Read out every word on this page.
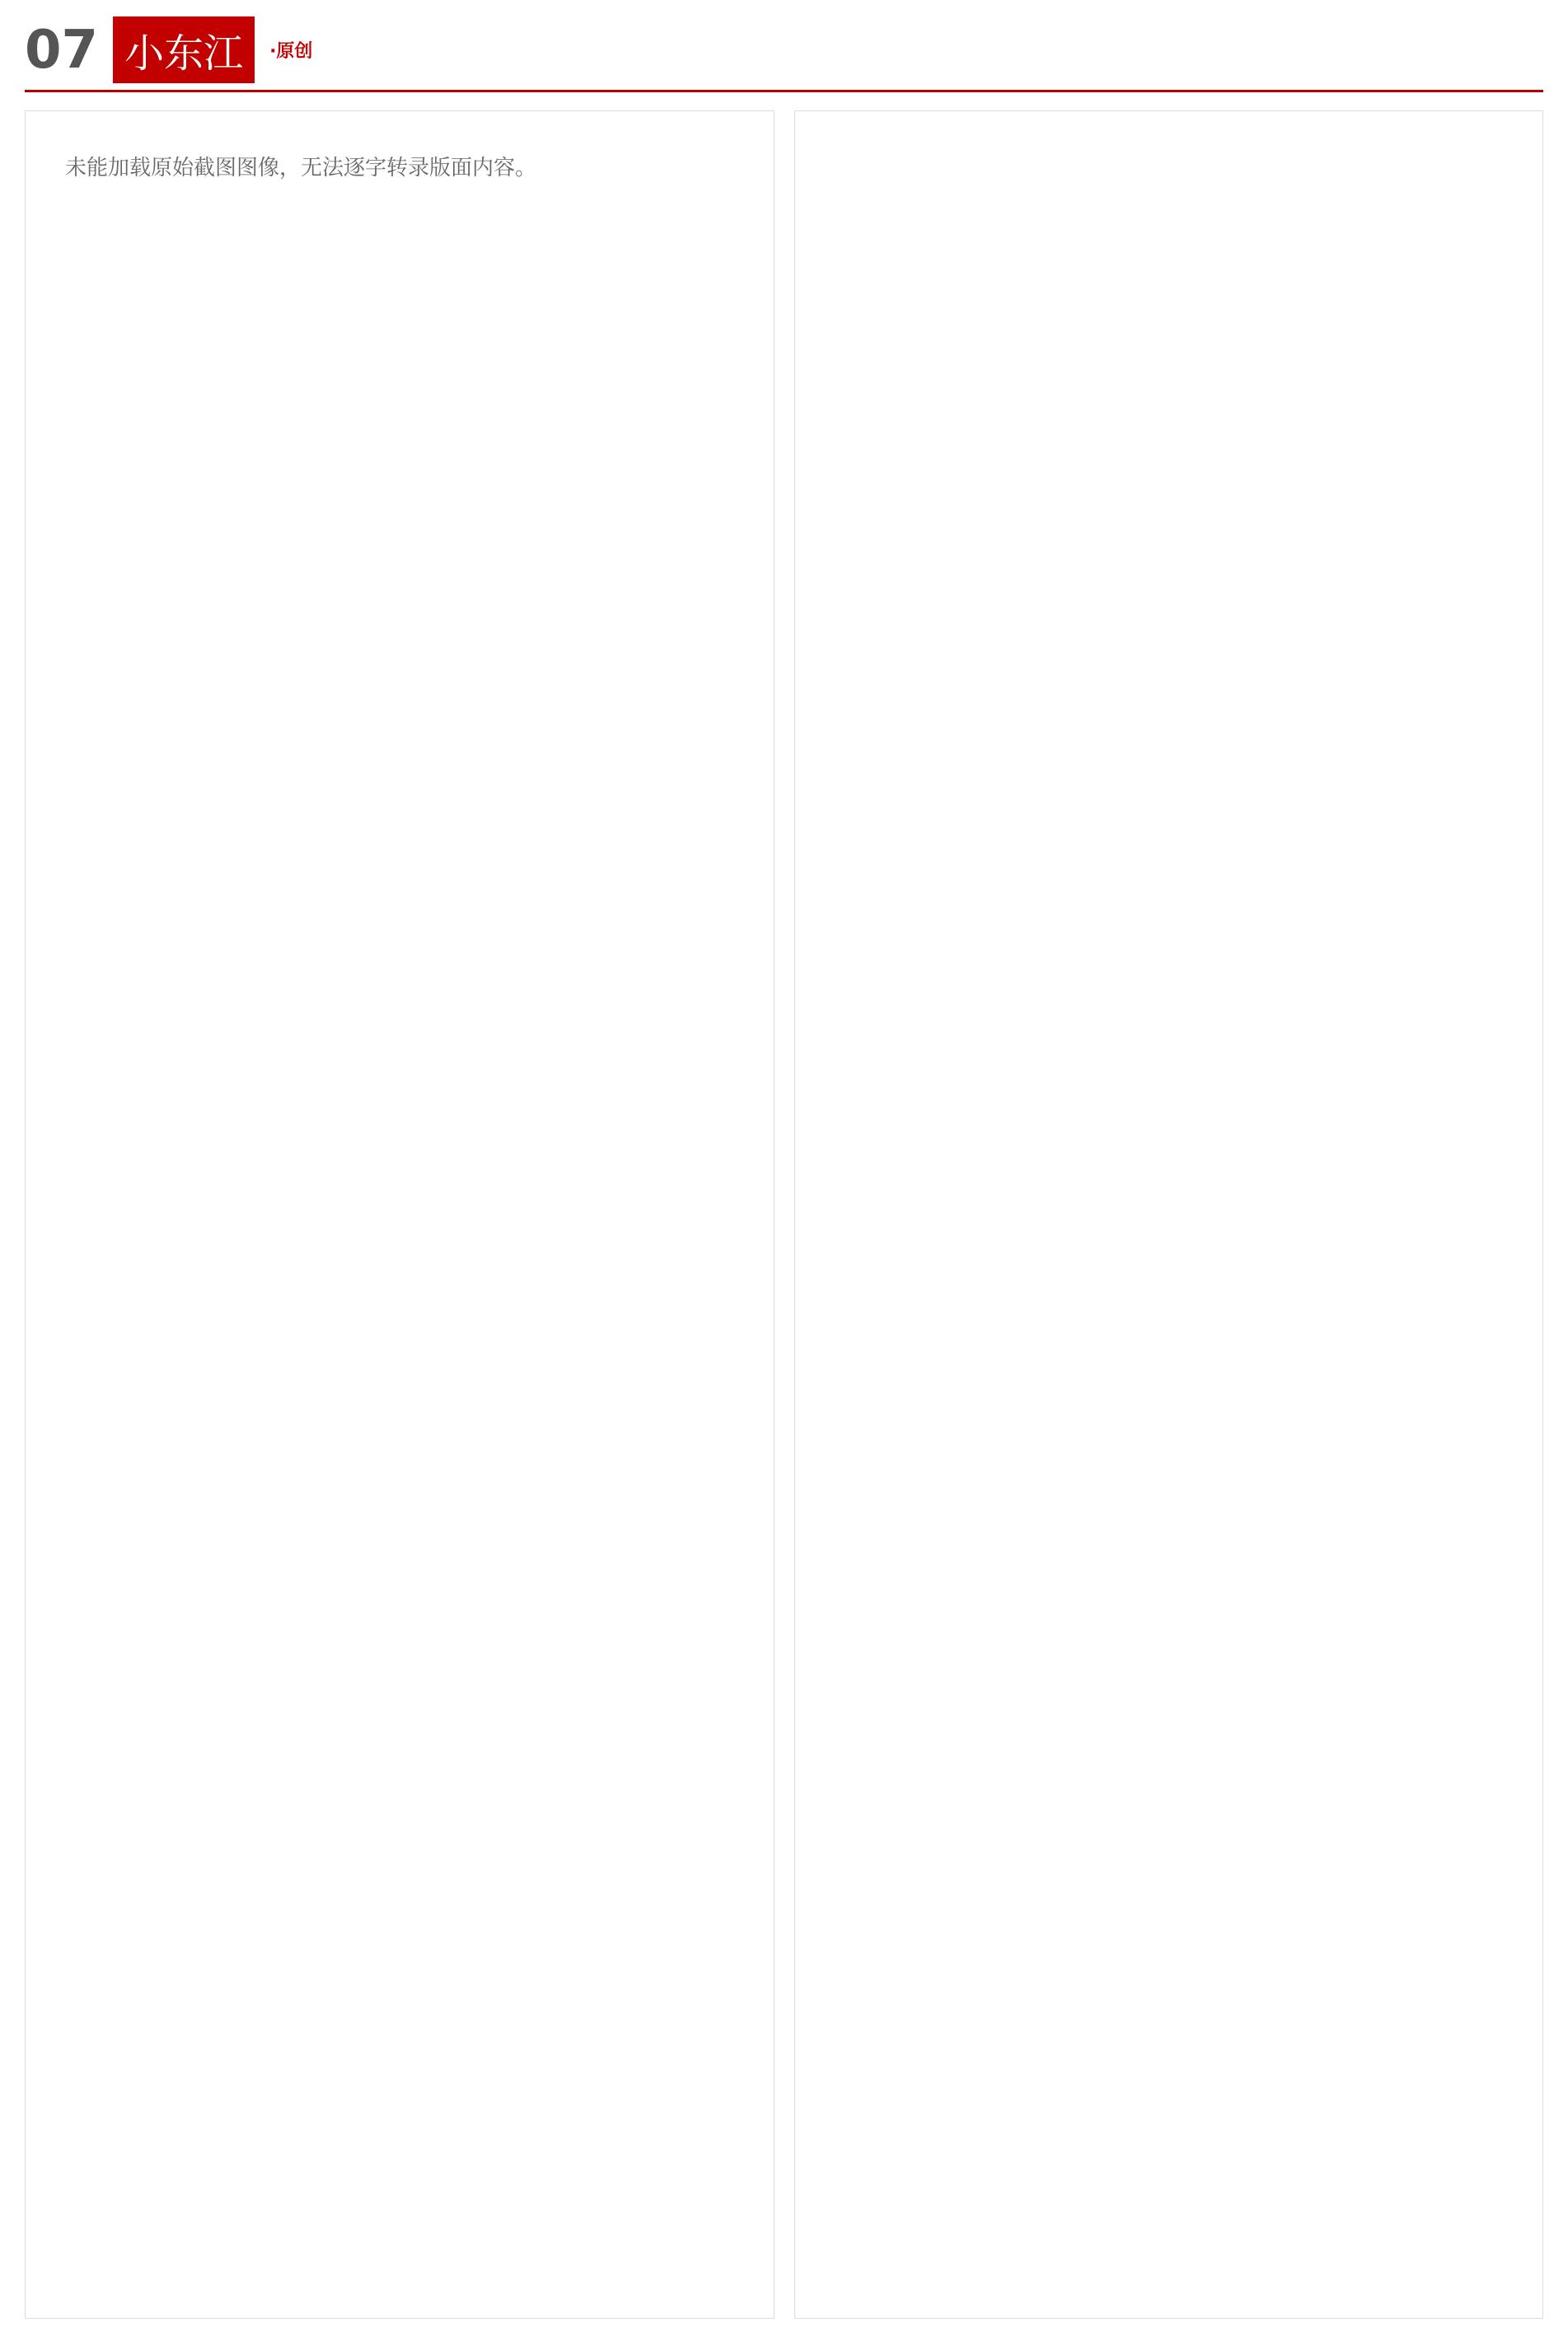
07 小东江	·原创
未能加载原始截图图像，无法逐字转录版面内容。
